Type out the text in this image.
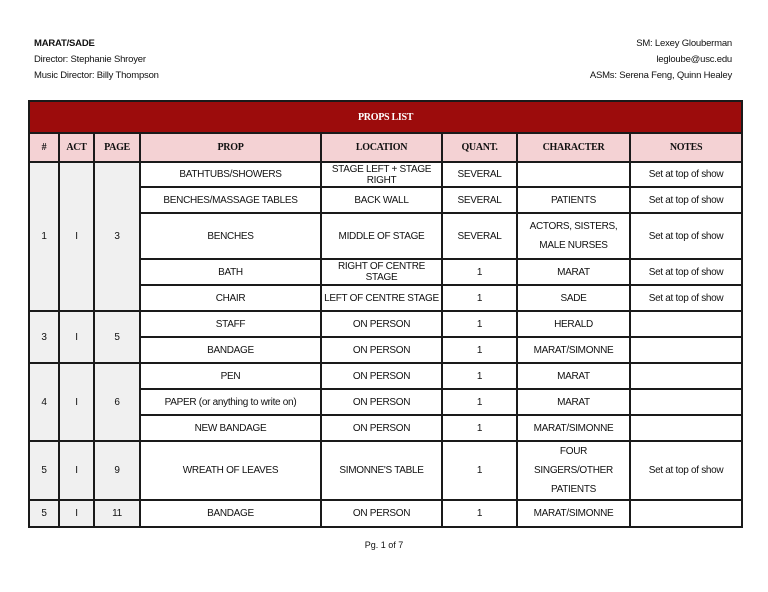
MARAT/SADE
Director: Stephanie Shroyer
Music Director: Billy Thompson
SM: Lexey Glouberman
legloube@usc.edu
ASMs: Serena Feng, Quinn Healey
PROPS LIST							
#	ACT	PAGE	PROP	LOCATION	QUANT.	CHARACTER	NOTES
1	I	3	BATHTUBS/SHOWERS	STAGE LEFT + STAGE RIGHT	SEVERAL		Set at top of show
			BENCHES/MASSAGE TABLES	BACK WALL	SEVERAL	PATIENTS	Set at top of show
			BENCHES	MIDDLE OF STAGE	SEVERAL	ACTORS, SISTERS, MALE NURSES	Set at top of show
			BATH	RIGHT OF CENTRE STAGE	1	MARAT	Set at top of show
			CHAIR	LEFT OF CENTRE STAGE	1	SADE	Set at top of show
3	I	5	STAFF	ON PERSON	1	HERALD	
			BANDAGE	ON PERSON	1	MARAT/SIMONNE	
4	I	6	PEN	ON PERSON	1	MARAT	
			PAPER (or anything to write on)	ON PERSON	1	MARAT	
			NEW BANDAGE	ON PERSON	1	MARAT/SIMONNE	
5	I	9	WREATH OF LEAVES	SIMONNE'S TABLE	1	FOUR SINGERS/OTHER PATIENTS	Set at top of show
5	I	11	BANDAGE	ON PERSON	1	MARAT/SIMONNE	
Pg. 1 of 7
